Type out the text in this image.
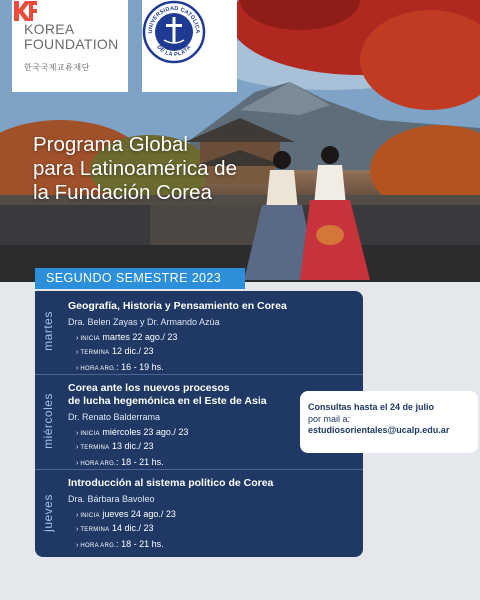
KOREA
FOUNDATION
한국국제교류재단
UNIVERSIDAD CATÓLICA
DE LA PLATA
Programa Global
para Latinoamérica de
la Fundación Corea
SEGUNDO SEMESTRE 2023
martes
Geografía, Historia y Pensamiento en Corea
Dra. Belen Zayas y Dr. Armando Azúa
› INICIA martes 22 ago./ 23
› TERMINA 12 dic./ 23
› HORA ARG.: 16 - 19 hs.
miércoles
Corea ante los nuevos procesos
de lucha hegemónica en el Este de Asia
Dr. Renato Balderrama
› INICIA miércoles 23 ago./ 23
› TERMINA 13 dic./ 23
› HORA ARG.: 18 - 21 hs.
jueves
Introducción al sistema político de Corea
Dra. Bárbara Bavoleo
› INICIA jueves 24 ago./ 23
› TERMINA 14 dic./ 23
› HORA ARG.: 18 - 21 hs.
Consultas hasta el 24 de julio
por mail a:
estudiosorientales@ucalp.edu.ar
